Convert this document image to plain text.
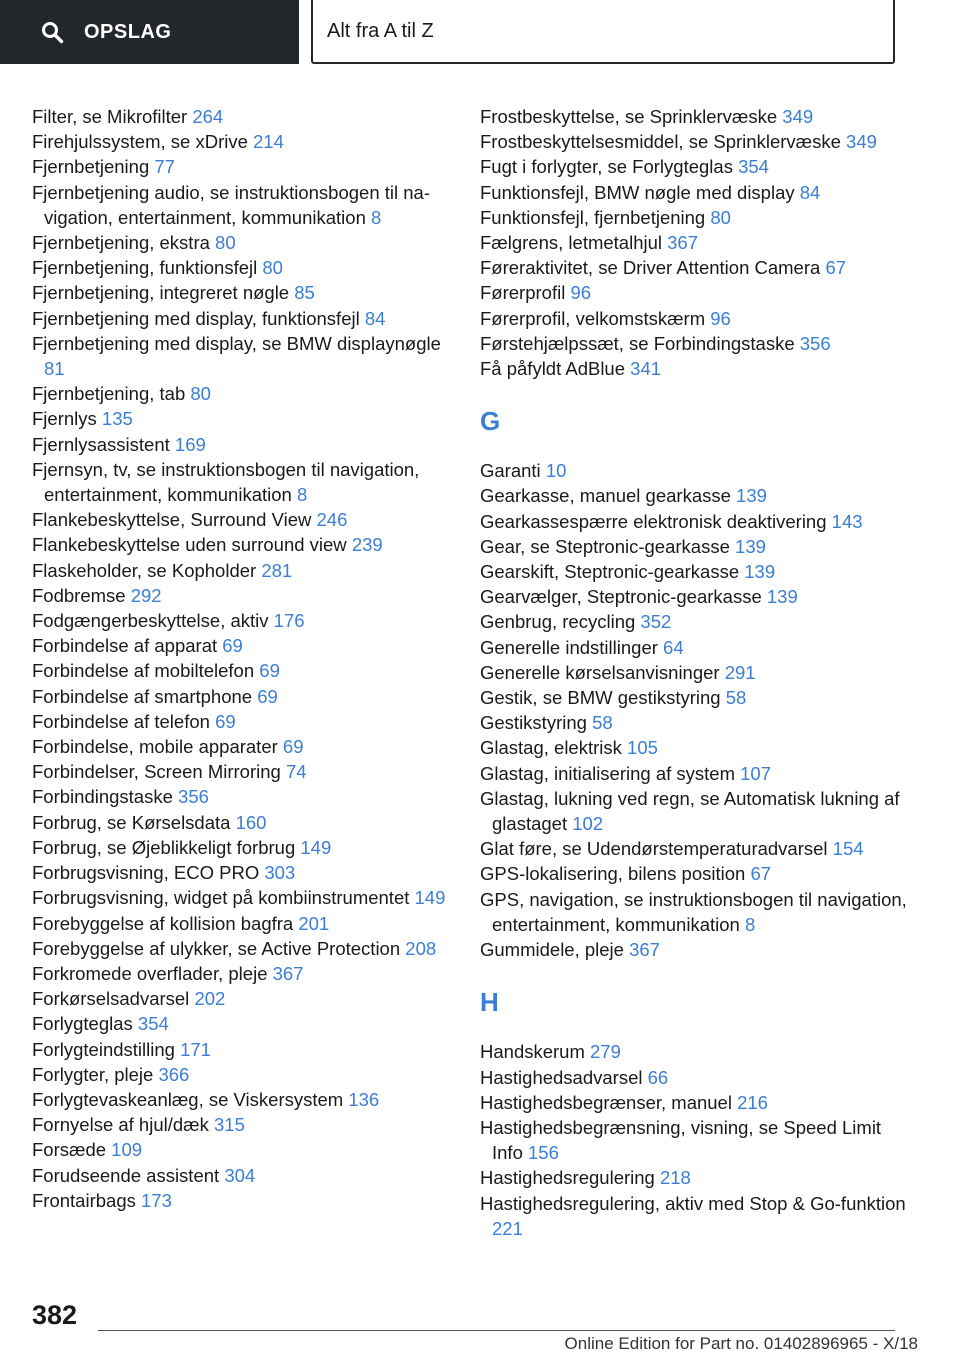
OPSLAG	Alt fra A til Z
Filter, se Mikrofilter 264
Firehjulssystem, se xDrive 214
Fjernbetjening 77
Fjernbetjening audio, se instruktionsbogen til navigation, entertainment, kommunikation 8
Fjernbetjening, ekstra 80
Fjernbetjening, funktionsfejl 80
Fjernbetjening, integreret nøgle 85
Fjernbetjening med display, funktionsfejl 84
Fjernbetjening med display, se BMW displaynøgle 81
Fjernbetjening, tab 80
Fjernlys 135
Fjernlysassistent 169
Fjernsyn, tv, se instruktionsbogen til navigation, entertainment, kommunikation 8
Flankebeskyttelse, Surround View 246
Flankebeskyttelse uden surround view 239
Flaskeholder, se Kopholder 281
Fodbremse 292
Fodgængerbeskyttelse, aktiv 176
Forbindelse af apparat 69
Forbindelse af mobiltelefon 69
Forbindelse af smartphone 69
Forbindelse af telefon 69
Forbindelse, mobile apparater 69
Forbindelser, Screen Mirroring 74
Forbindingstaske 356
Forbrug, se Kørselsdata 160
Forbrug, se Øjeblikkeligt forbrug 149
Forbrugsvisning, ECO PRO 303
Forbrugsvisning, widget på kombiinstrumentet 149
Forebyggelse af kollision bagfra 201
Forebyggelse af ulykker, se Active Protection 208
Forkromede overflader, pleje 367
Forkørselsadvarsel 202
Forlygteglas 354
Forlygteindstilling 171
Forlygter, pleje 366
Forlygtevaskeanlæg, se Viskersystem 136
Fornyelse af hjul/dæk 315
Forsæde 109
Forudseende assistent 304
Frontairbags 173
Frostbeskyttelse, se Sprinklervæske 349
Frostbeskyttelsesmiddel, se Sprinklervæske 349
Fugt i forlygter, se Forlygteglas 354
Funktionsfejl, BMW nøgle med display 84
Funktionsfejl, fjernbetjening 80
Fælgrens, letmetalhjul 367
Føreraktivitet, se Driver Attention Camera 67
Førerprofil 96
Førerprofil, velkomstskærm 96
Førstehjælpssæt, se Forbindingstaske 356
Få påfyldt AdBlue 341
G
Garanti 10
Gearkasse, manuel gearkasse 139
Gearkassespærre elektronisk deaktivering 143
Gear, se Steptronic-gearkasse 139
Gearskift, Steptronic-gearkasse 139
Gearvælger, Steptronic-gearkasse 139
Genbrug, recycling 352
Generelle indstillinger 64
Generelle kørselsanvisninger 291
Gestik, se BMW gestikstyring 58
Gestikstyring 58
Glastag, elektrisk 105
Glastag, initialisering af system 107
Glastag, lukning ved regn, se Automatisk lukning af glastaget 102
Glat føre, se Udendørstemperaturadvarsel 154
GPS-lokalisering, bilens position 67
GPS, navigation, se instruktionsbogen til navigation, entertainment, kommunikation 8
Gummidele, pleje 367
H
Handskerum 279
Hastighedsadvarsel 66
Hastighedsbegrænser, manuel 216
Hastighedsbegrænsning, visning, se Speed Limit Info 156
Hastighedsregulering 218
Hastighedsregulering, aktiv med Stop & Go-funktion 221
382
Online Edition for Part no. 01402896965 - X/18
